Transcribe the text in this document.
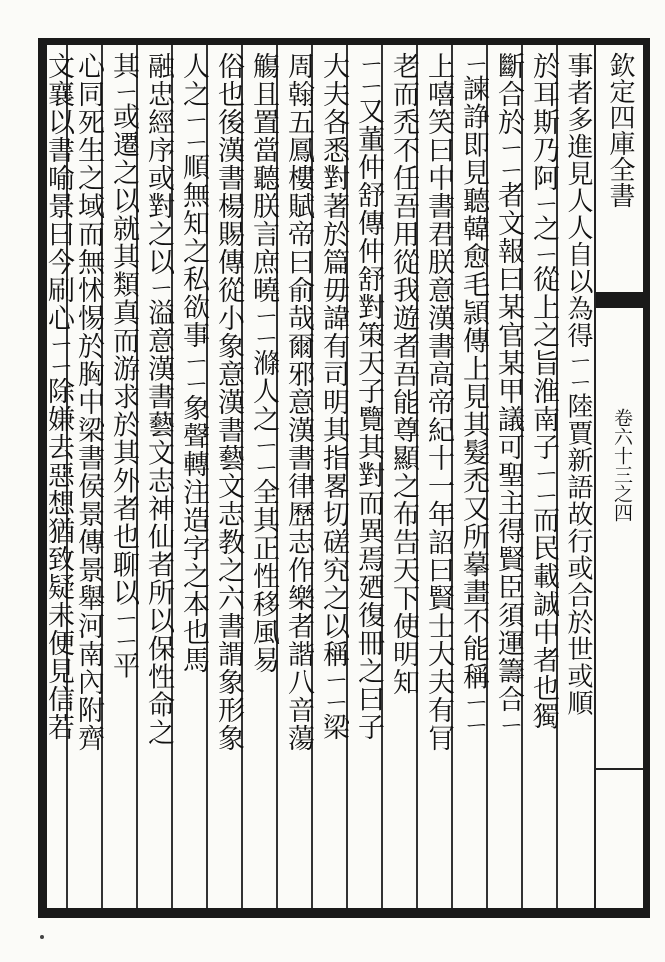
欽定四庫全書
卷六十三之四
事者多進見人人自以為得ㄧㄧ陸賈新語故行或合於世或順
於耳斯乃阿ㄧ之ㄧ從上之旨淮南子ㄧㄧ而民載誠中者也獨
斷合於ㄧㄧ者文報曰某官某甲議可聖主得賢臣須運籌合ㄧ
ㄧ諫諍即見聽韓愈毛頴傳上見其髮禿又所摹畫不能稱ㄧㄧ
上嘻笑曰中書君朕意漢書高帝紀十一年詔曰賢士大夫有肎
老而禿不任吾用從我遊者吾能尊顯之布告天下使明知
ㄧㄧ又董仲舒傳仲舒對策天子覽其對而異焉廼復冊之曰子
大夫各悉對著於篇毋諱有司明其指畧切磋究之以稱ㄧㄧ梁
周翰五鳳樓賦帝曰俞哉爾邪意漢書律歷志作樂者諧八音蕩
觴且置當聽朕言庶曉ㄧㄧ滌人之ㄧㄧ全其正性移風易
俗也後漢書楊賜傳從小象意漢書藝文志教之六書謂象形象
人之ㄧㄧ順無知之私欲事ㄧㄧ象聲轉注造字之本也馬
融忠經序或對之以ㄧ溢意漢書藝文志神仙者所以保性命之
其ㄧ或遷之以就其類真而游求於其外者也聊以ㄧㄧ平
心同死生之域而無怵惕於胸中梁書侯景傳景舉河南內附齊
文襄以書喻景曰今刷心ㄧㄧ除嫌去惡想猶致疑未便見信若
